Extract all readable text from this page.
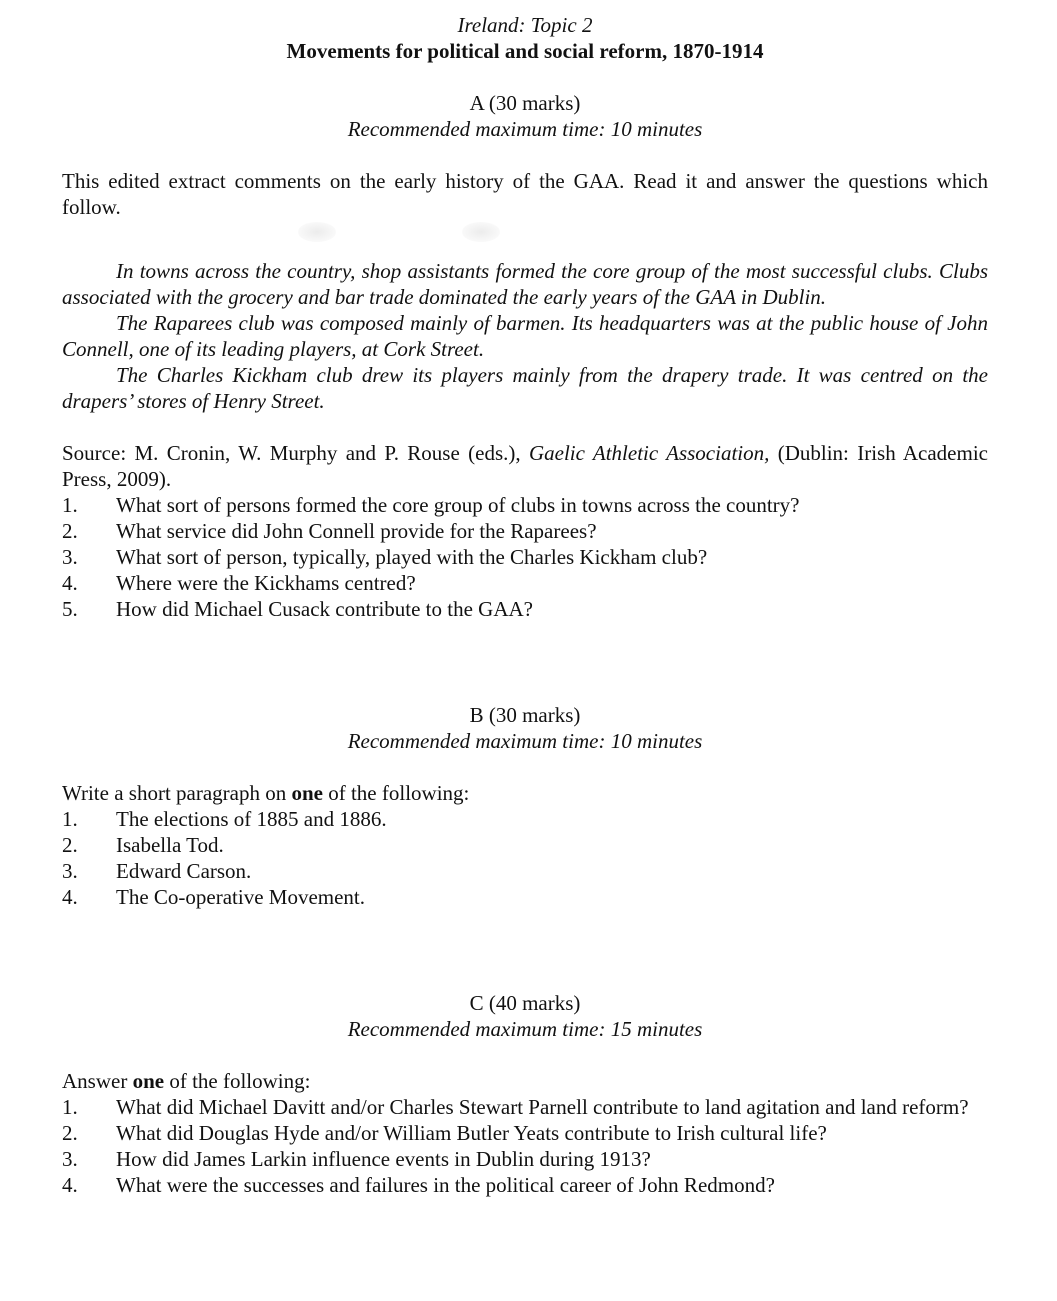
Ireland: Topic 2
Movements for political and social reform, 1870-1914
A (30 marks)
Recommended maximum time: 10 minutes
This edited extract comments on the early history of the GAA. Read it and answer the questions which follow.
In towns across the country, shop assistants formed the core group of the most successful clubs. Clubs associated with the grocery and bar trade dominated the early years of the GAA in Dublin.
The Raparees club was composed mainly of barmen. Its headquarters was at the public house of John Connell, one of its leading players, at Cork Street.
The Charles Kickham club drew its players mainly from the drapery trade. It was centred on the drapers’ stores of Henry Street.
Source: M. Cronin, W. Murphy and P. Rouse (eds.), Gaelic Athletic Association, (Dublin: Irish Academic Press, 2009).
1. What sort of persons formed the core group of clubs in towns across the country?
2. What service did John Connell provide for the Raparees?
3. What sort of person, typically, played with the Charles Kickham club?
4. Where were the Kickhams centred?
5. How did Michael Cusack contribute to the GAA?
B (30 marks)
Recommended maximum time: 10 minutes
Write a short paragraph on one of the following:
1. The elections of 1885 and 1886.
2. Isabella Tod.
3. Edward Carson.
4. The Co-operative Movement.
C (40 marks)
Recommended maximum time: 15 minutes
Answer one of the following:
1. What did Michael Davitt and/or Charles Stewart Parnell contribute to land agitation and land reform?
2. What did Douglas Hyde and/or William Butler Yeats contribute to Irish cultural life?
3. How did James Larkin influence events in Dublin during 1913?
4. What were the successes and failures in the political career of John Redmond?
